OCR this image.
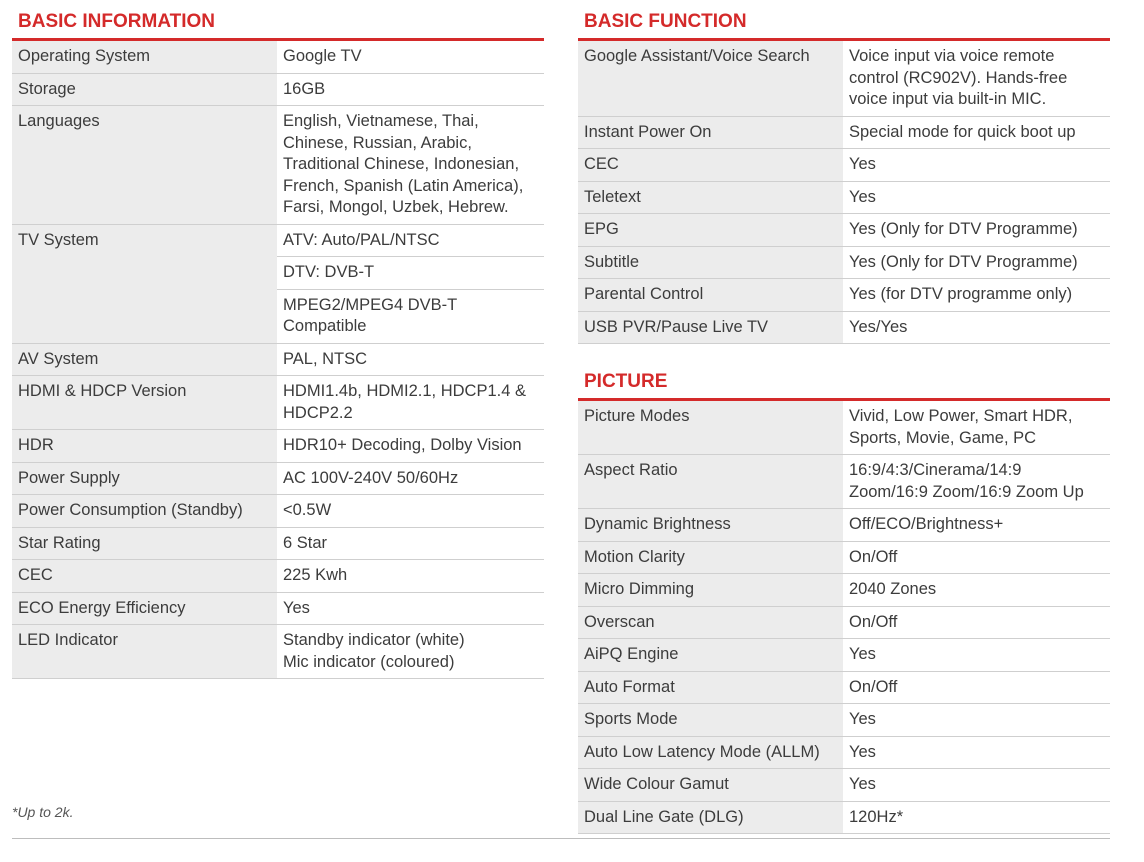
BASIC INFORMATION
Operating System	Google TV
Storage	16GB
Languages	English, Vietnamese, Thai, Chinese, Russian, Arabic, Traditional Chinese, Indonesian, French, Spanish (Latin America), Farsi, Mongol, Uzbek, Hebrew.
TV System	ATV: Auto/PAL/NTSC
	DTV: DVB-T
	MPEG2/MPEG4 DVB-T Compatible
AV System	PAL, NTSC
HDMI & HDCP Version	HDMI1.4b, HDMI2.1, HDCP1.4 & HDCP2.2
HDR	HDR10+ Decoding, Dolby Vision
Power Supply	AC 100V-240V 50/60Hz
Power Consumption (Standby)	<0.5W
Star Rating	6 Star
CEC	225 Kwh
ECO Energy Efficiency	Yes
LED Indicator	Standby indicator (white)
Mic indicator (coloured)
BASIC FUNCTION
Google Assistant/Voice Search	Voice input via voice remote control (RC902V). Hands-free voice input via built-in MIC.
Instant Power On	Special mode for quick boot up
CEC	Yes
Teletext	Yes
EPG	Yes (Only for DTV Programme)
Subtitle	Yes (Only for DTV Programme)
Parental Control	Yes (for DTV programme only)
USB PVR/Pause Live TV	Yes/Yes
PICTURE
Picture Modes	Vivid, Low Power, Smart HDR, Sports, Movie, Game, PC
Aspect Ratio	16:9/4:3/Cinerama/14:9 Zoom/16:9 Zoom/16:9 Zoom Up
Dynamic Brightness	Off/ECO/Brightness+
Motion Clarity	On/Off
Micro Dimming	2040 Zones
Overscan	On/Off
AiPQ Engine	Yes
Auto Format	On/Off
Sports Mode	Yes
Auto Low Latency Mode (ALLM)	Yes
Wide Colour Gamut	Yes
Dual Line Gate (DLG)	120Hz*
*Up to 2k.
